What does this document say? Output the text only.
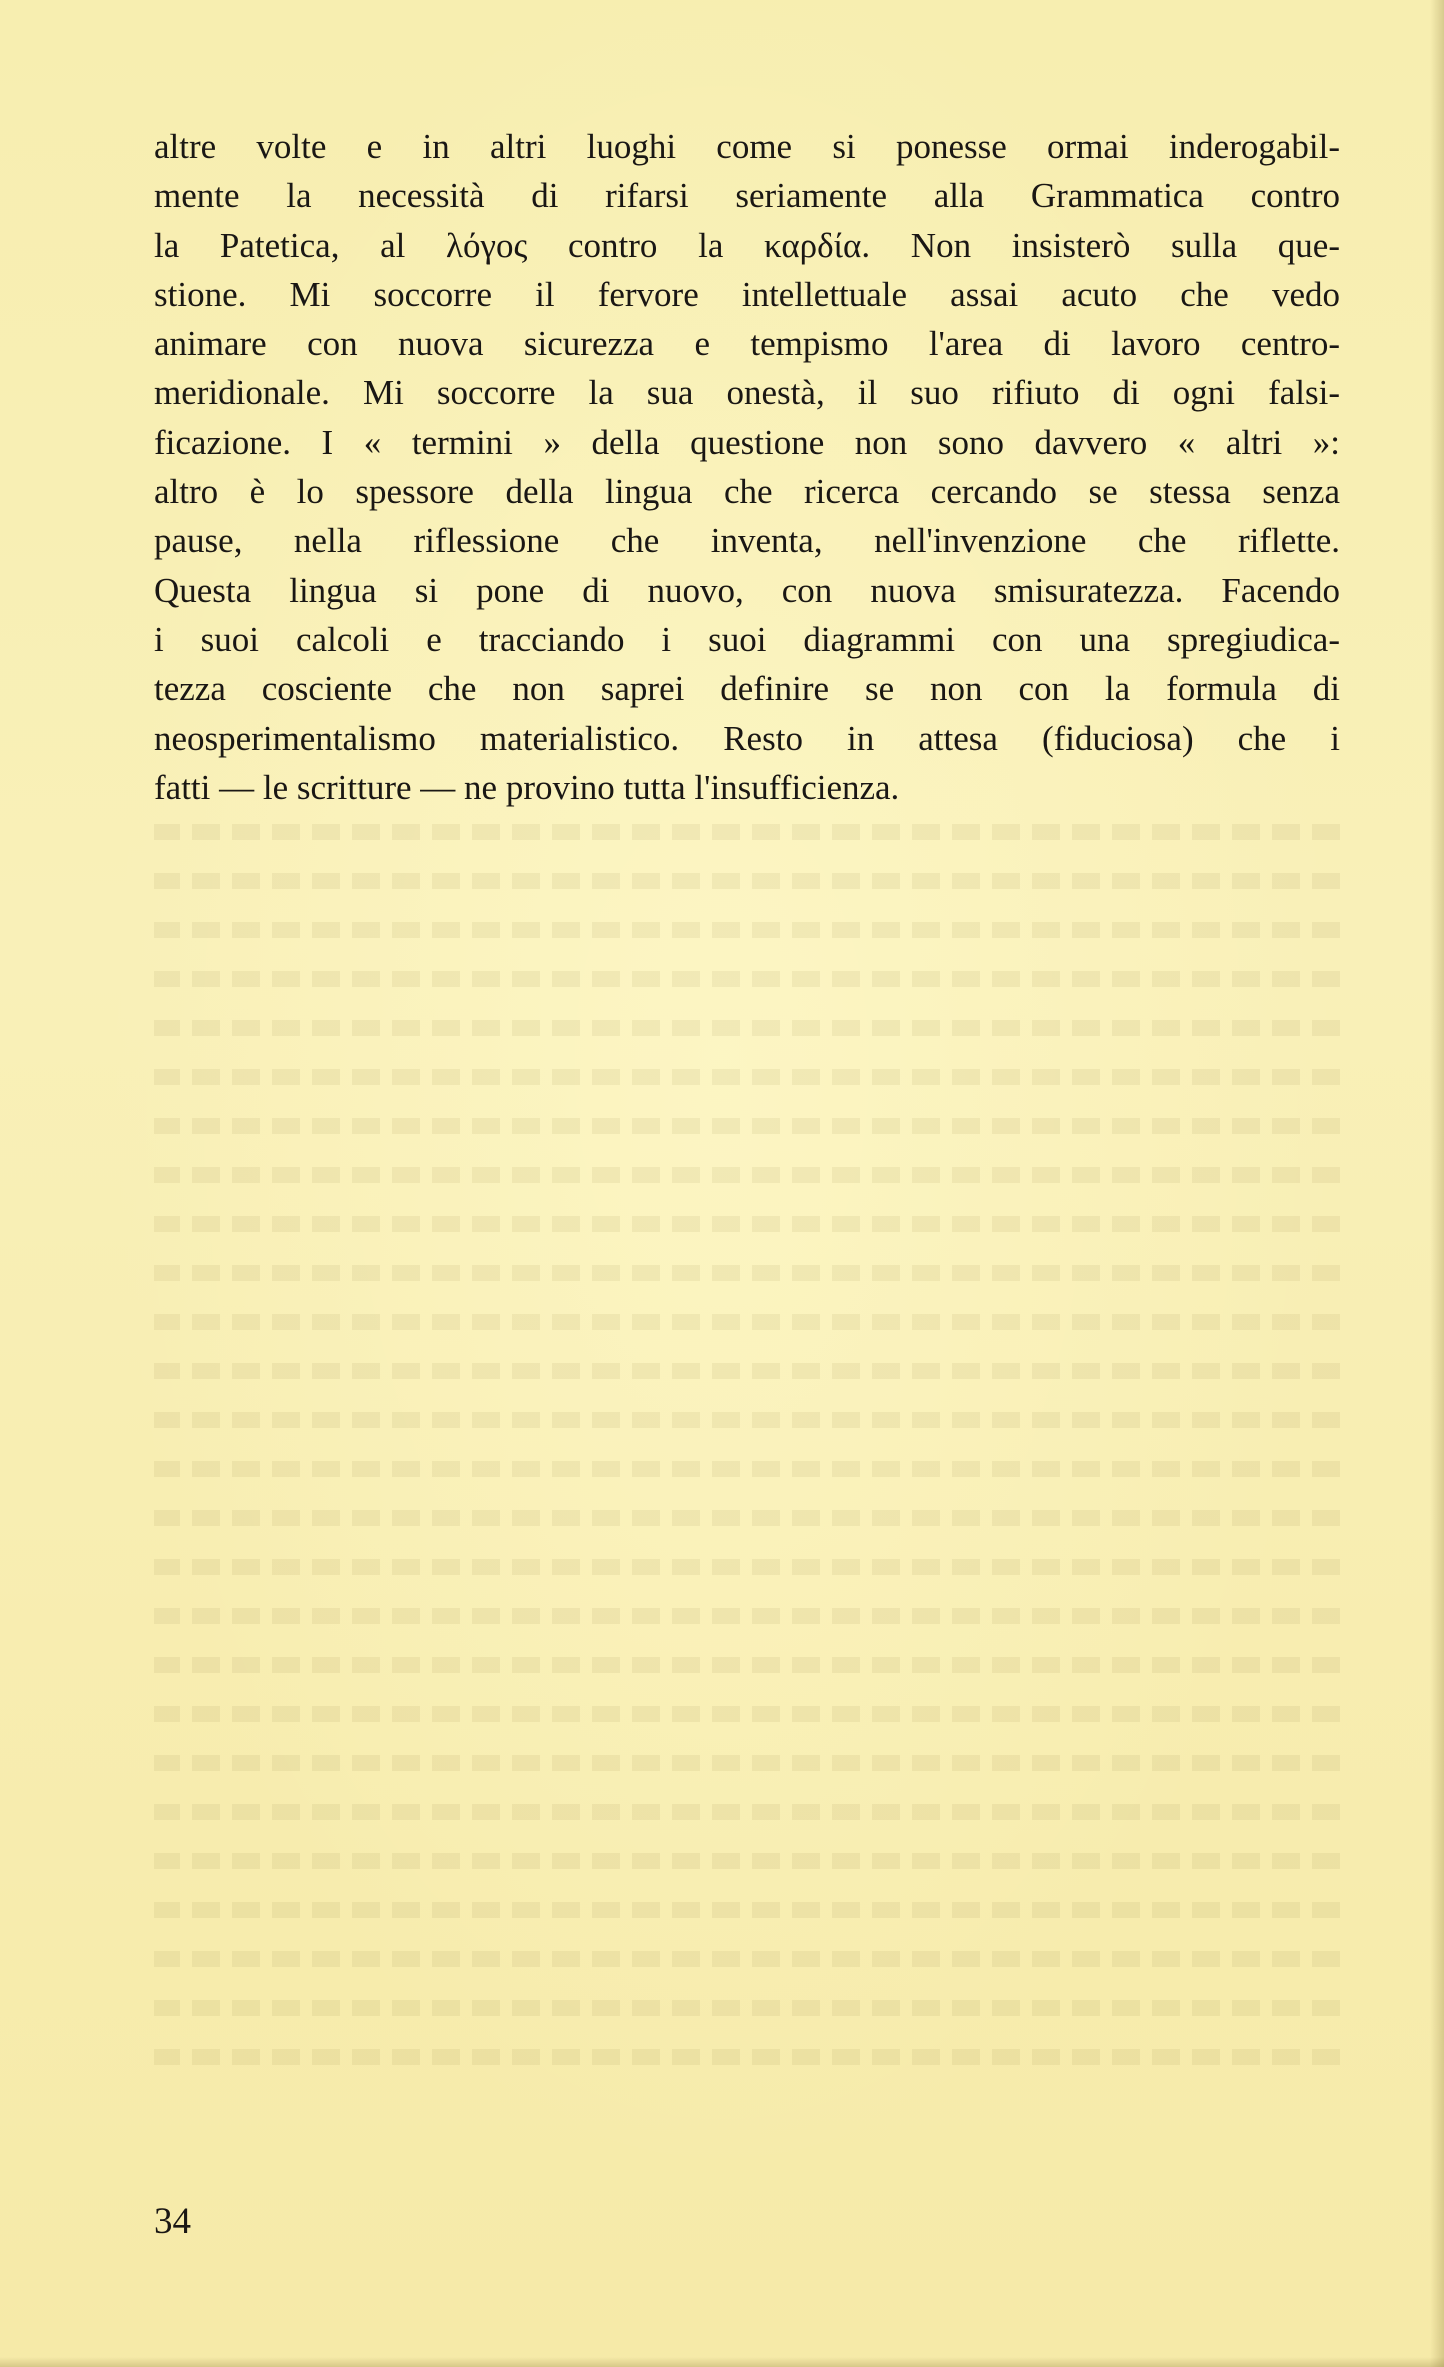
altre volte e in altri luoghi come si ponesse ormai inderogabil-
mente la necessità di rifarsi seriamente alla Grammatica contro
la Patetica, al λόγος contro la καρδία. Non insisterò sulla que-
stione. Mi soccorre il fervore intellettuale assai acuto che vedo
animare con nuova sicurezza e tempismo l'area di lavoro centro-
meridionale. Mi soccorre la sua onestà, il suo rifiuto di ogni falsi-
ficazione. I « termini » della questione non sono davvero « altri »:
altro è lo spessore della lingua che ricerca cercando se stessa senza
pause, nella riflessione che inventa, nell'invenzione che riflette.
Questa lingua si pone di nuovo, con nuova smisuratezza. Facendo
i suoi calcoli e tracciando i suoi diagrammi con una spregiudica-
tezza cosciente che non saprei definire se non con la formula di
neosperimentalismo materialistico. Resto in attesa (fiduciosa) che i
fatti — le scritture — ne provino tutta l'insufficienza.
34
